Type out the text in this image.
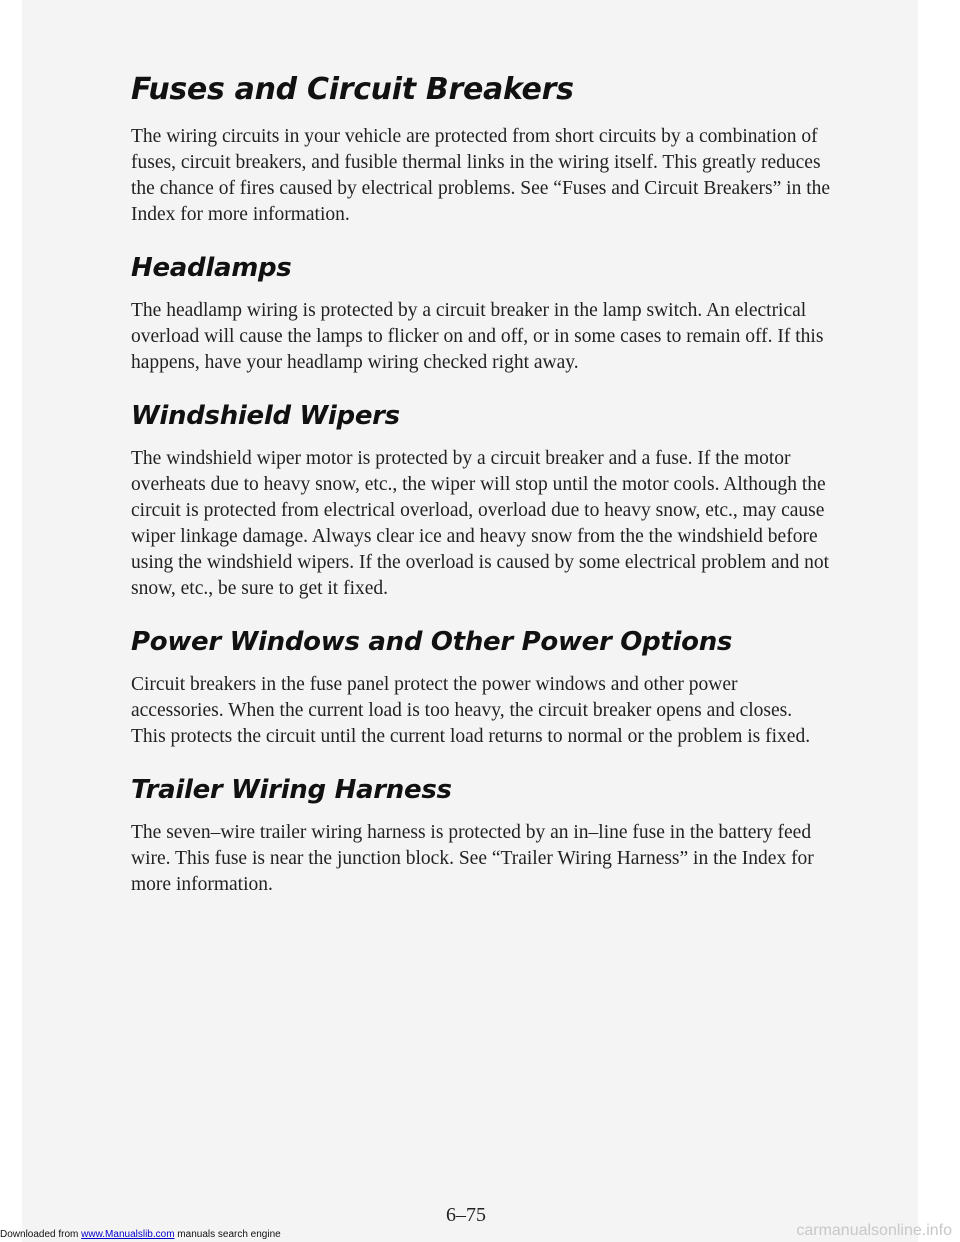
Fuses and Circuit Breakers

The wiring circuits in your vehicle are protected from short circuits by a combination of fuses, circuit breakers, and fusible thermal links in the wiring itself. This greatly reduces the chance of fires caused by electrical problems. See “Fuses and Circuit Breakers” in the Index for more information.

Headlamps

The headlamp wiring is protected by a circuit breaker in the lamp switch. An electrical overload will cause the lamps to flicker on and off, or in some cases to remain off. If this happens, have your headlamp wiring checked right away.

Windshield Wipers

The windshield wiper motor is protected by a circuit breaker and a fuse. If the motor overheats due to heavy snow, etc., the wiper will stop until the motor cools. Although the circuit is protected from electrical overload, overload due to heavy snow, etc., may cause wiper linkage damage. Always clear ice and heavy snow from the the windshield before using the windshield wipers. If the overload is caused by some electrical problem and not snow, etc., be sure to get it fixed.

Power Windows and Other Power Options

Circuit breakers in the fuse panel protect the power windows and other power accessories. When the current load is too heavy, the circuit breaker opens and closes. This protects the circuit until the current load returns to normal or the problem is fixed.

Trailer Wiring Harness

The seven–wire trailer wiring harness is protected by an in–line fuse in the battery feed wire. This fuse is near the junction block. See “Trailer Wiring Harness” in the Index for more information.

6–75
Downloaded from www.Manualslib.com manuals search engine	carmanualsonline.info
